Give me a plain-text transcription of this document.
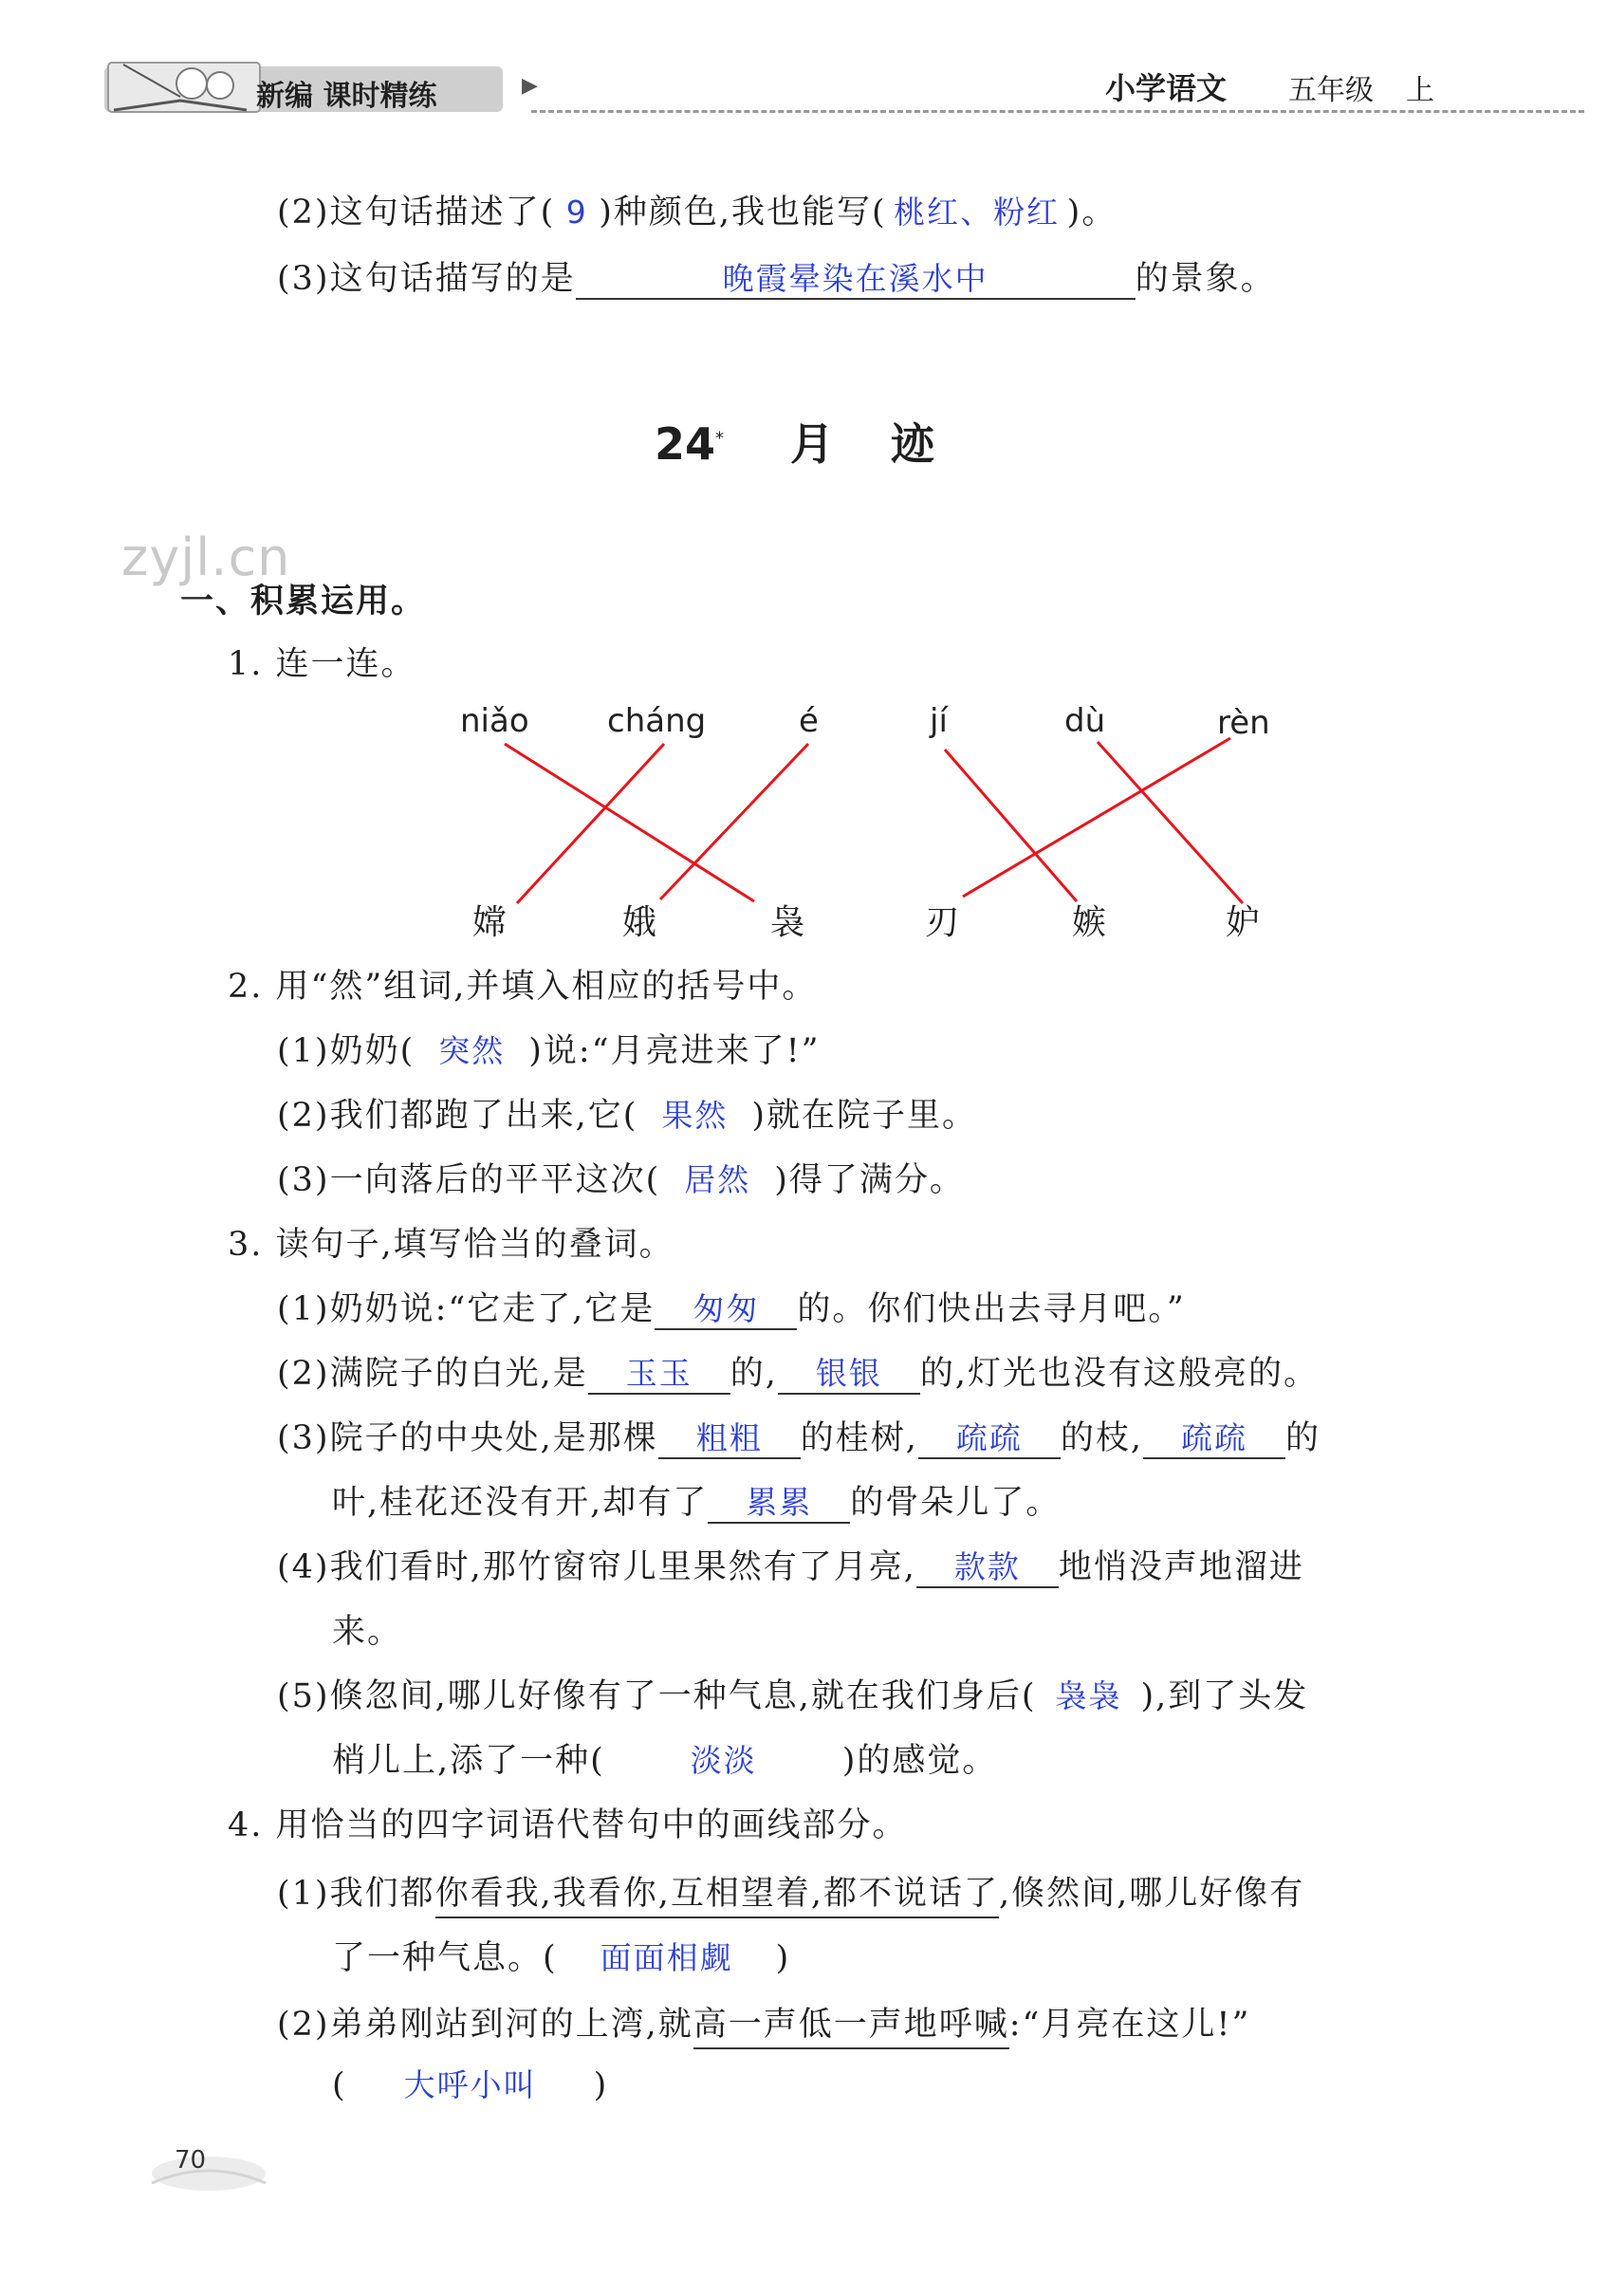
新编 课时精练	▶	小学语文 五年级 上
(2)这句话描述了( 9 )种颜色,我也能写( 桃红、粉红 )。
(3)这句话描写的是	晚霞晕染在溪水中	的景象。
24* 月 迹
zyjl.cn
一、积累运用。
1. 连一连。
niǎo cháng	é	jí	dù	rèn
嫦	娥	袅	刃	嫉	妒
2. 用“然”组词,并填入相应的括号中。
(1)奶奶( 突然 )说:“月亮进来了!”
(2)我们都跑了出来,它( 果然 )就在院子里。
(3)一向落后的平平这次( 居然 )得了满分。
3. 读句子,填写恰当的叠词。
(1)奶奶说:“它走了,它是 匆匆 的。你们快出去寻月吧。”
(2)满院子的白光,是 玉玉 的, 银银 的,灯光也没有这般亮的。
(3)院子的中央处,是那棵 粗粗 的桂树, 疏疏 的枝, 疏疏 的
叶,桂花还没有开,却有了 累累 的骨朵儿了。
(4)我们看时,那竹窗帘儿里果然有了月亮, 款款 地悄没声地溜进
来。
(5)倏忽间,哪儿好像有了一种气息,就在我们身后( 袅袅 ),到了头发
梢儿上,添了一种(	淡淡	)的感觉。
4. 用恰当的四字词语代替句中的画线部分。
(1)我们都你看我,我看你,互相望着,都不说话了,倏然间,哪儿好像有
了一种气息。( 面面相觑 )
(2)弟弟刚站到河的上湾,就高一声低一声地呼喊:“月亮在这儿!”
( 大呼小叫 )
70
